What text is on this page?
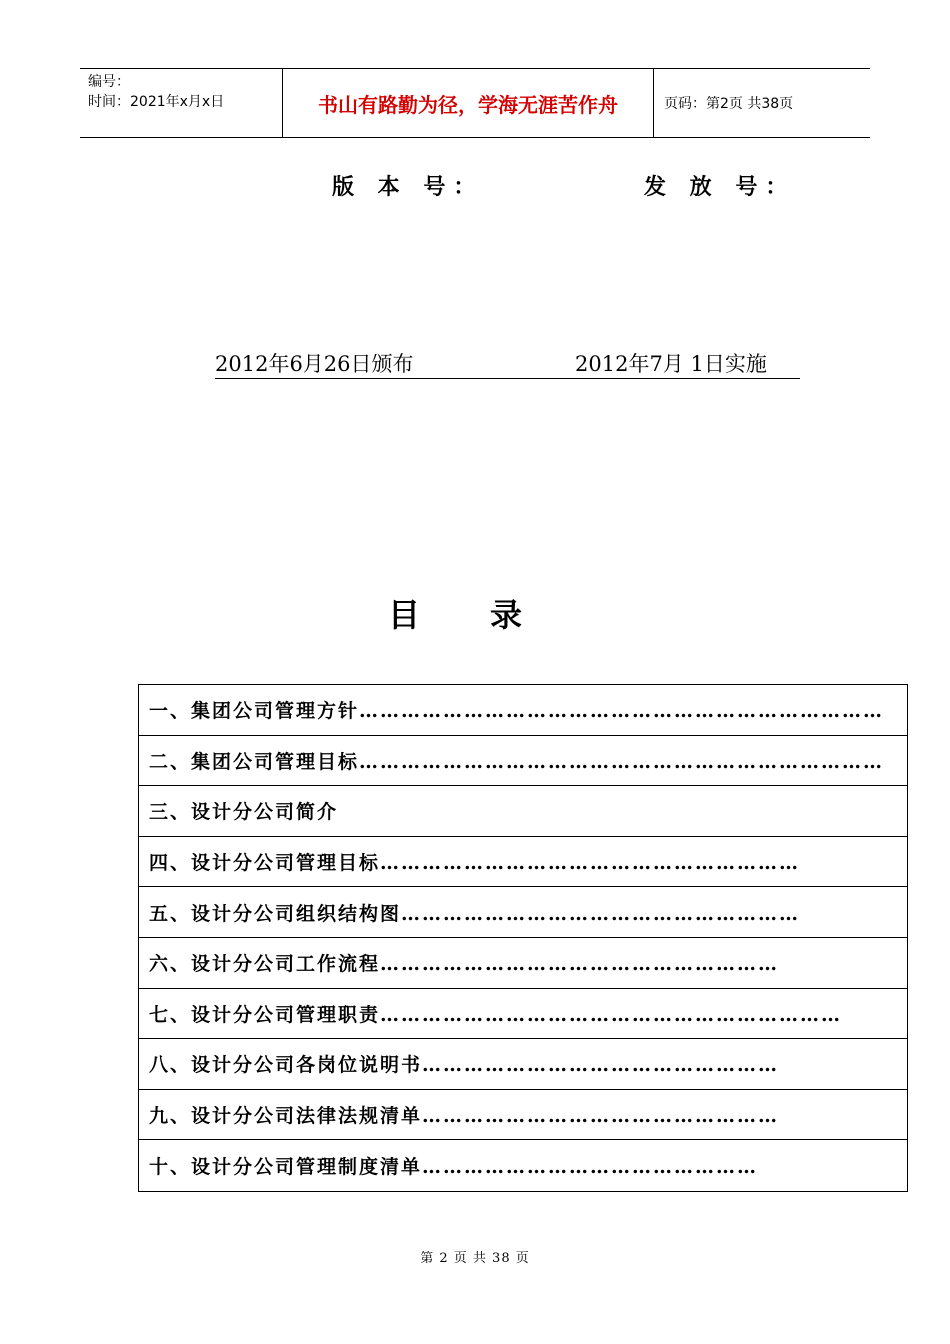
编号：
时间：2021年x月x日	书山有路勤为径，学海无涯苦作舟	页码：第2页 共38页
版 本 号：	发 放 号：
2012年6月26日颁布	2012年7月 1日实施
目录
一、集团公司管理方针…………………………………………………………………
二、集团公司管理目标…………………………………………………………………
三、设计分公司简介
四、设计分公司管理目标……………………………………………………
五、设计分公司组织结构图…………………………………………………
六、设计分公司工作流程…………………………………………………
七、设计分公司管理职责…………………………………………………………
八、设计分公司各岗位说明书……………………………………………
九、设计分公司法律法规清单……………………………………………
十、设计分公司管理制度清单…………………………………………
第 2 页 共 38 页
